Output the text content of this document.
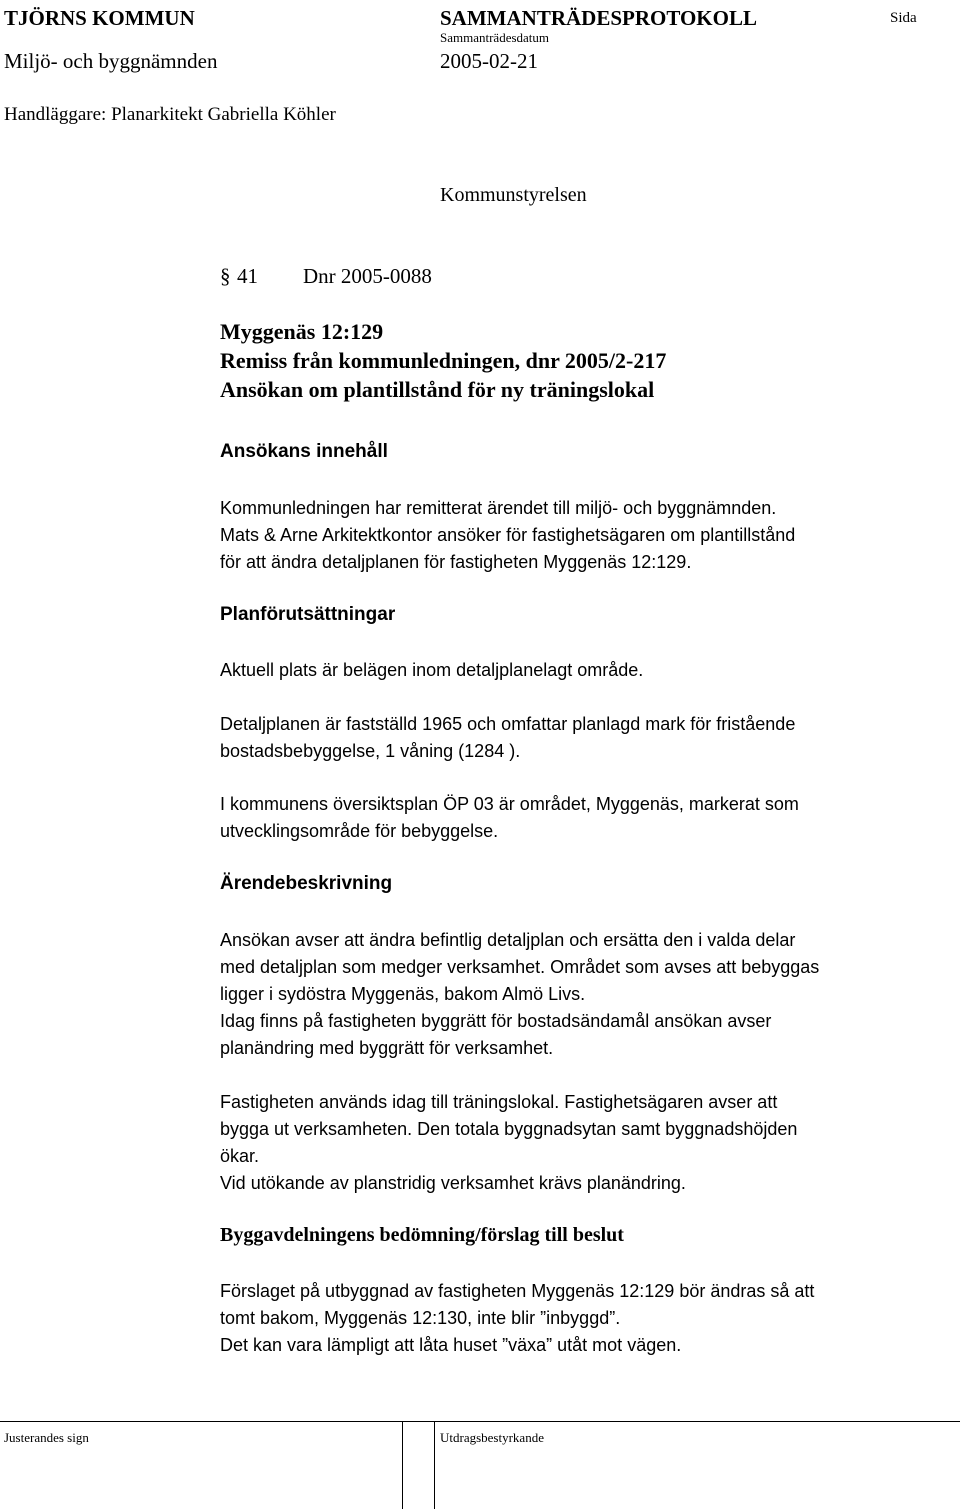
TJÖRNS KOMMUN	SAMMANTRÄDESPROTOKOLL	Sida
Sammanträdesdatum
Miljö- och byggnämnden	2005-02-21
Handläggare: Planarkitekt Gabriella Köhler
Kommunstyrelsen
§ 41 Dnr 2005-0088
Myggenäs 12:129
Remiss från kommunledningen, dnr 2005/2-217
Ansökan om plantillstånd för ny träningslokal
Ansökans innehåll
Kommunledningen har remitterat ärendet till miljö- och byggnämnden.
Mats & Arne Arkitektkontor ansöker för fastighetsägaren om plantillstånd
för att ändra detaljplanen för fastigheten Myggenäs 12:129.
Planförutsättningar
Aktuell plats är belägen inom detaljplanelagt område.
Detaljplanen är fastställd 1965 och omfattar planlagd mark för fristående
bostadsbebyggelse, 1 våning (1284 ).
I kommunens översiktsplan ÖP 03 är området, Myggenäs, markerat som
utvecklingsområde för bebyggelse.
Ärendebeskrivning
Ansökan avser att ändra befintlig detaljplan och ersätta den i valda delar
med detaljplan som medger verksamhet. Området som avses att bebyggas
ligger i sydöstra Myggenäs, bakom Almö Livs.
Idag finns på fastigheten byggrätt för bostadsändamål ansökan avser
planändring med byggrätt för verksamhet.
Fastigheten används idag till träningslokal. Fastighetsägaren avser att
bygga ut verksamheten. Den totala byggnadsytan samt byggnadshöjden
ökar.
Vid utökande av planstridig verksamhet krävs planändring.
Byggavdelningens bedömning/förslag till beslut
Förslaget på utbyggnad av fastigheten Myggenäs 12:129 bör ändras så att
tomt bakom, Myggenäs 12:130, inte blir ”inbyggd”.
Det kan vara lämpligt att låta huset ”växa” utåt mot vägen.
Justerandes sign	Utdragsbestyrkande
